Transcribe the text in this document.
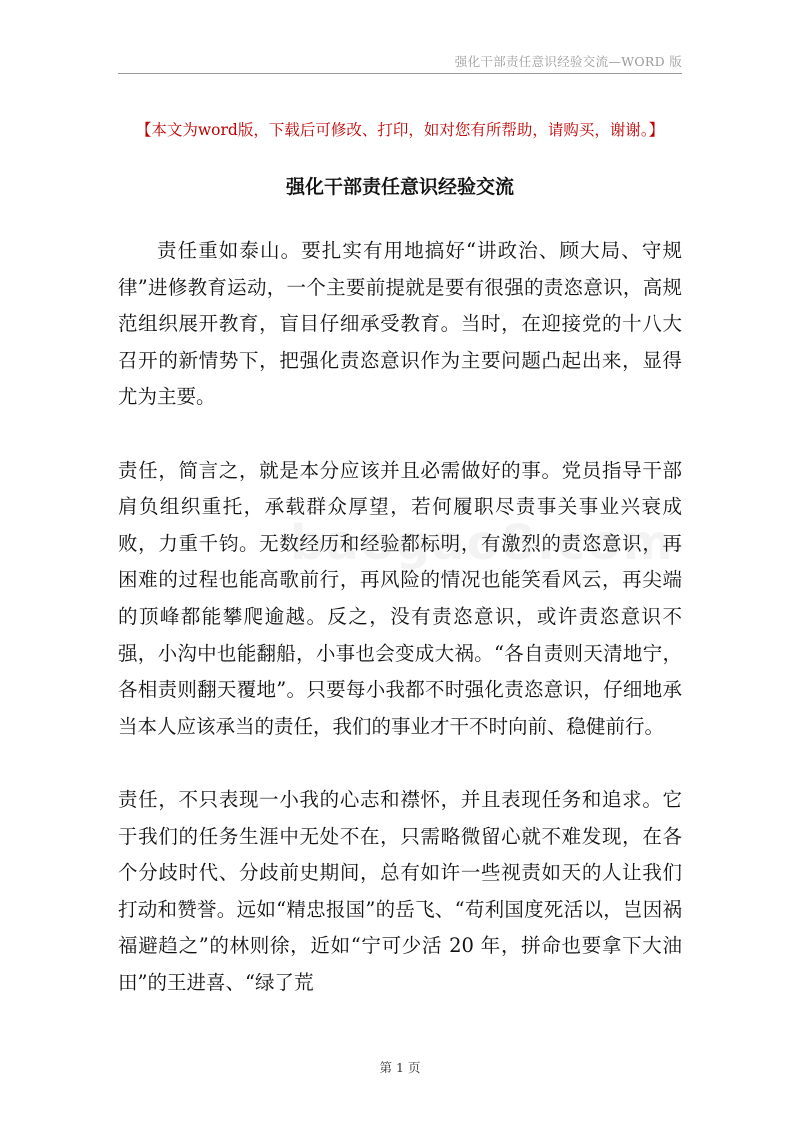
强化干部责任意识经验交流—WORD 版
【本文为word版，下载后可修改、打印，如对您有所帮助，请购买，谢谢。】
强化干部责任意识经验交流

责任重如泰山。要扎实有用地搞好“讲政治、顾大局、守规律”进修教育运动，一个主要前提就是要有很强的责恣意识，高规范组织展开教育，盲目仔细承受教育。当时，在迎接党的十八大召开的新情势下，把强化责恣意识作为主要问题凸起出来，显得尤为主要。

责任，简言之，就是本分应该并且必需做好的事。党员指导干部肩负组织重托，承载群众厚望，若何履职尽责事关事业兴衰成败，力重千钧。无数经历和经验都标明，有激烈的责恣意识，再困难的过程也能高歌前行，再风险的情况也能笑看风云，再尖端的顶峰都能攀爬逾越。反之，没有责恣意识，或许责恣意识不强，小沟中也能翻船，小事也会变成大祸。“各自责则天清地宁，各相责则翻天覆地”。只要每小我都不时强化责恣意识，仔细地承当本人应该承当的责任，我们的事业才干不时向前、稳健前行。

责任，不只表现一小我的心志和襟怀，并且表现任务和追求。它于我们的任务生涯中无处不在，只需略微留心就不难发现，在各个分歧时代、分歧前史期间，总有如许一些视责如天的人让我们打动和赞誉。远如“精忠报国”的岳飞、“苟利国度死活以，岂因祸福避趋之”的林则徐，近如“宁可少活 20 年，拼命也要拿下大油田”的王进喜、“绿了荒

第 1 页
